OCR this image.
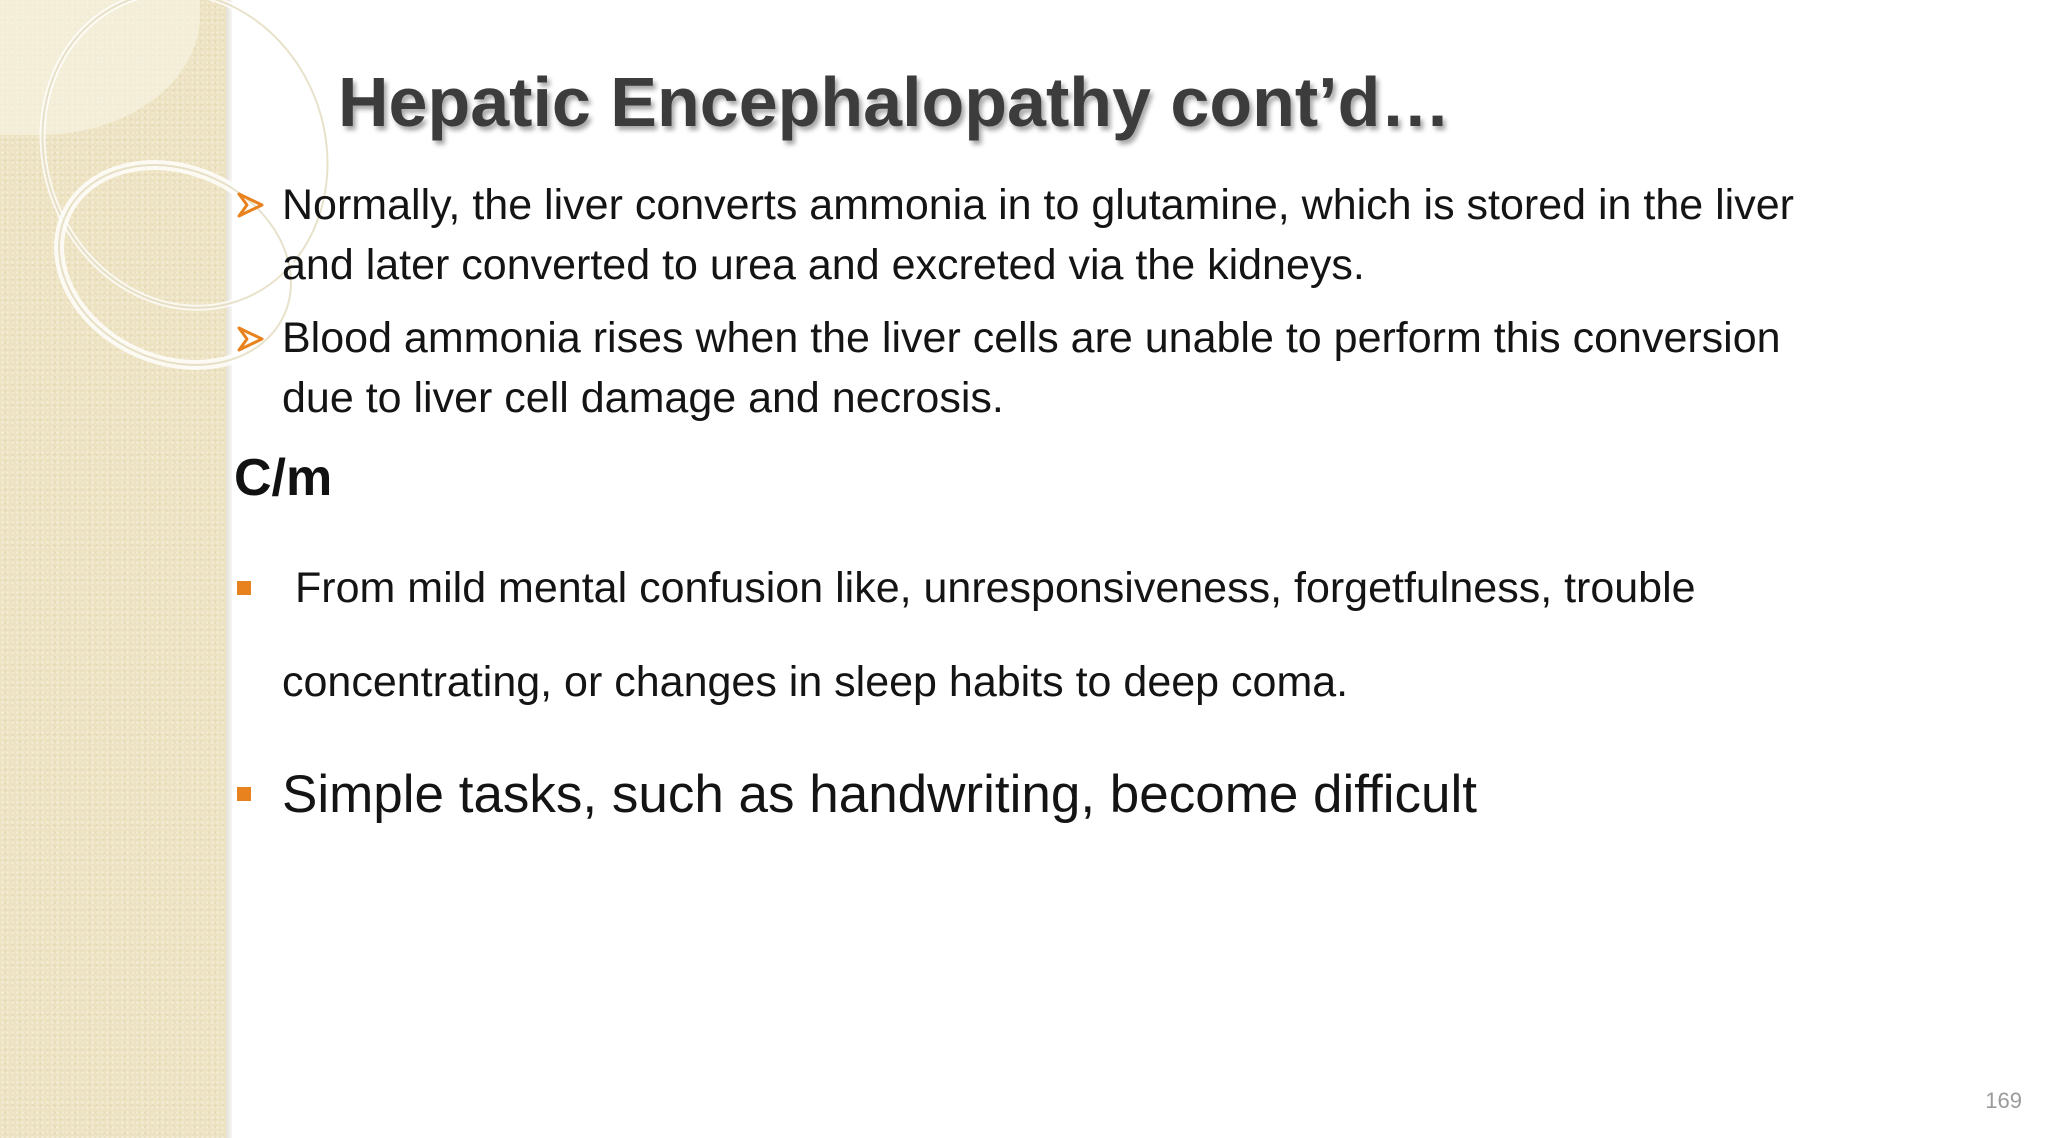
Hepatic Encephalopathy cont’d…

Normally, the liver converts ammonia in to glutamine, which is stored in the liver

and later converted to urea and excreted via the kidneys.

Blood ammonia rises when the liver cells are unable to perform this conversion

due to liver cell damage and necrosis.

C/m

From mild mental confusion like, unresponsiveness, forgetfulness, trouble

concentrating, or changes in sleep habits to deep coma.

Simple tasks, such as handwriting, become difficult

169
